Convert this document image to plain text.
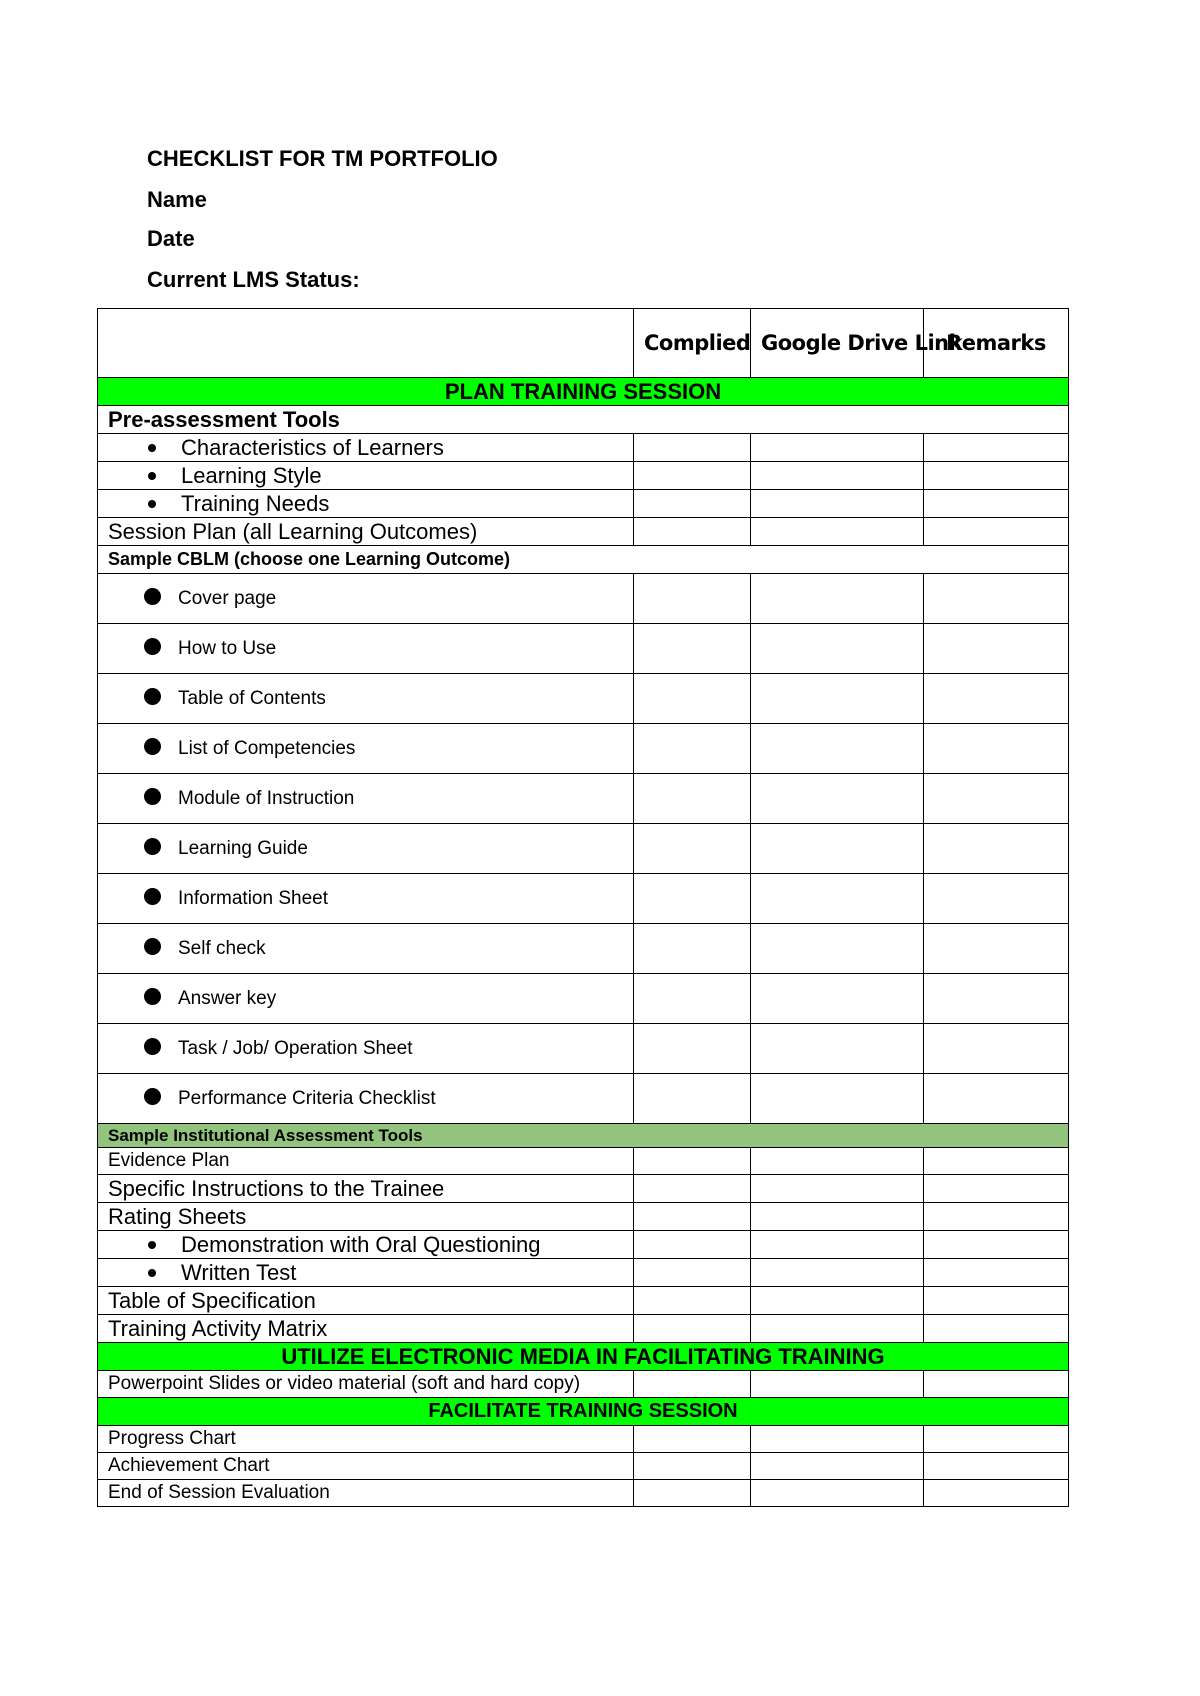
CHECKLIST FOR TM PORTFOLIO

Name

Date

Current LMS Status:

	Complied	Google Drive Link	Remarks
PLAN TRAINING SESSION			
Pre-assessment Tools			
Characteristics of Learners			
Learning Style			
Training Needs			
Session Plan (all Learning Outcomes)			
Sample CBLM (choose one Learning Outcome)			
Cover page			
How to Use			
Table of Contents			
List of Competencies			
Module of Instruction			
Learning Guide			
Information Sheet			
Self check			
Answer key			
Task / Job/ Operation Sheet			
Performance Criteria Checklist			
Sample Institutional Assessment Tools			
Evidence Plan			
Specific Instructions to the Trainee			
Rating Sheets			
Demonstration with Oral Questioning			
Written Test			
Table of Specification			
Training Activity Matrix			
UTILIZE ELECTRONIC MEDIA IN FACILITATING TRAINING			
Powerpoint Slides or video material (soft and hard copy)			
FACILITATE TRAINING SESSION			
Progress Chart			
Achievement Chart			
End of Session Evaluation			
